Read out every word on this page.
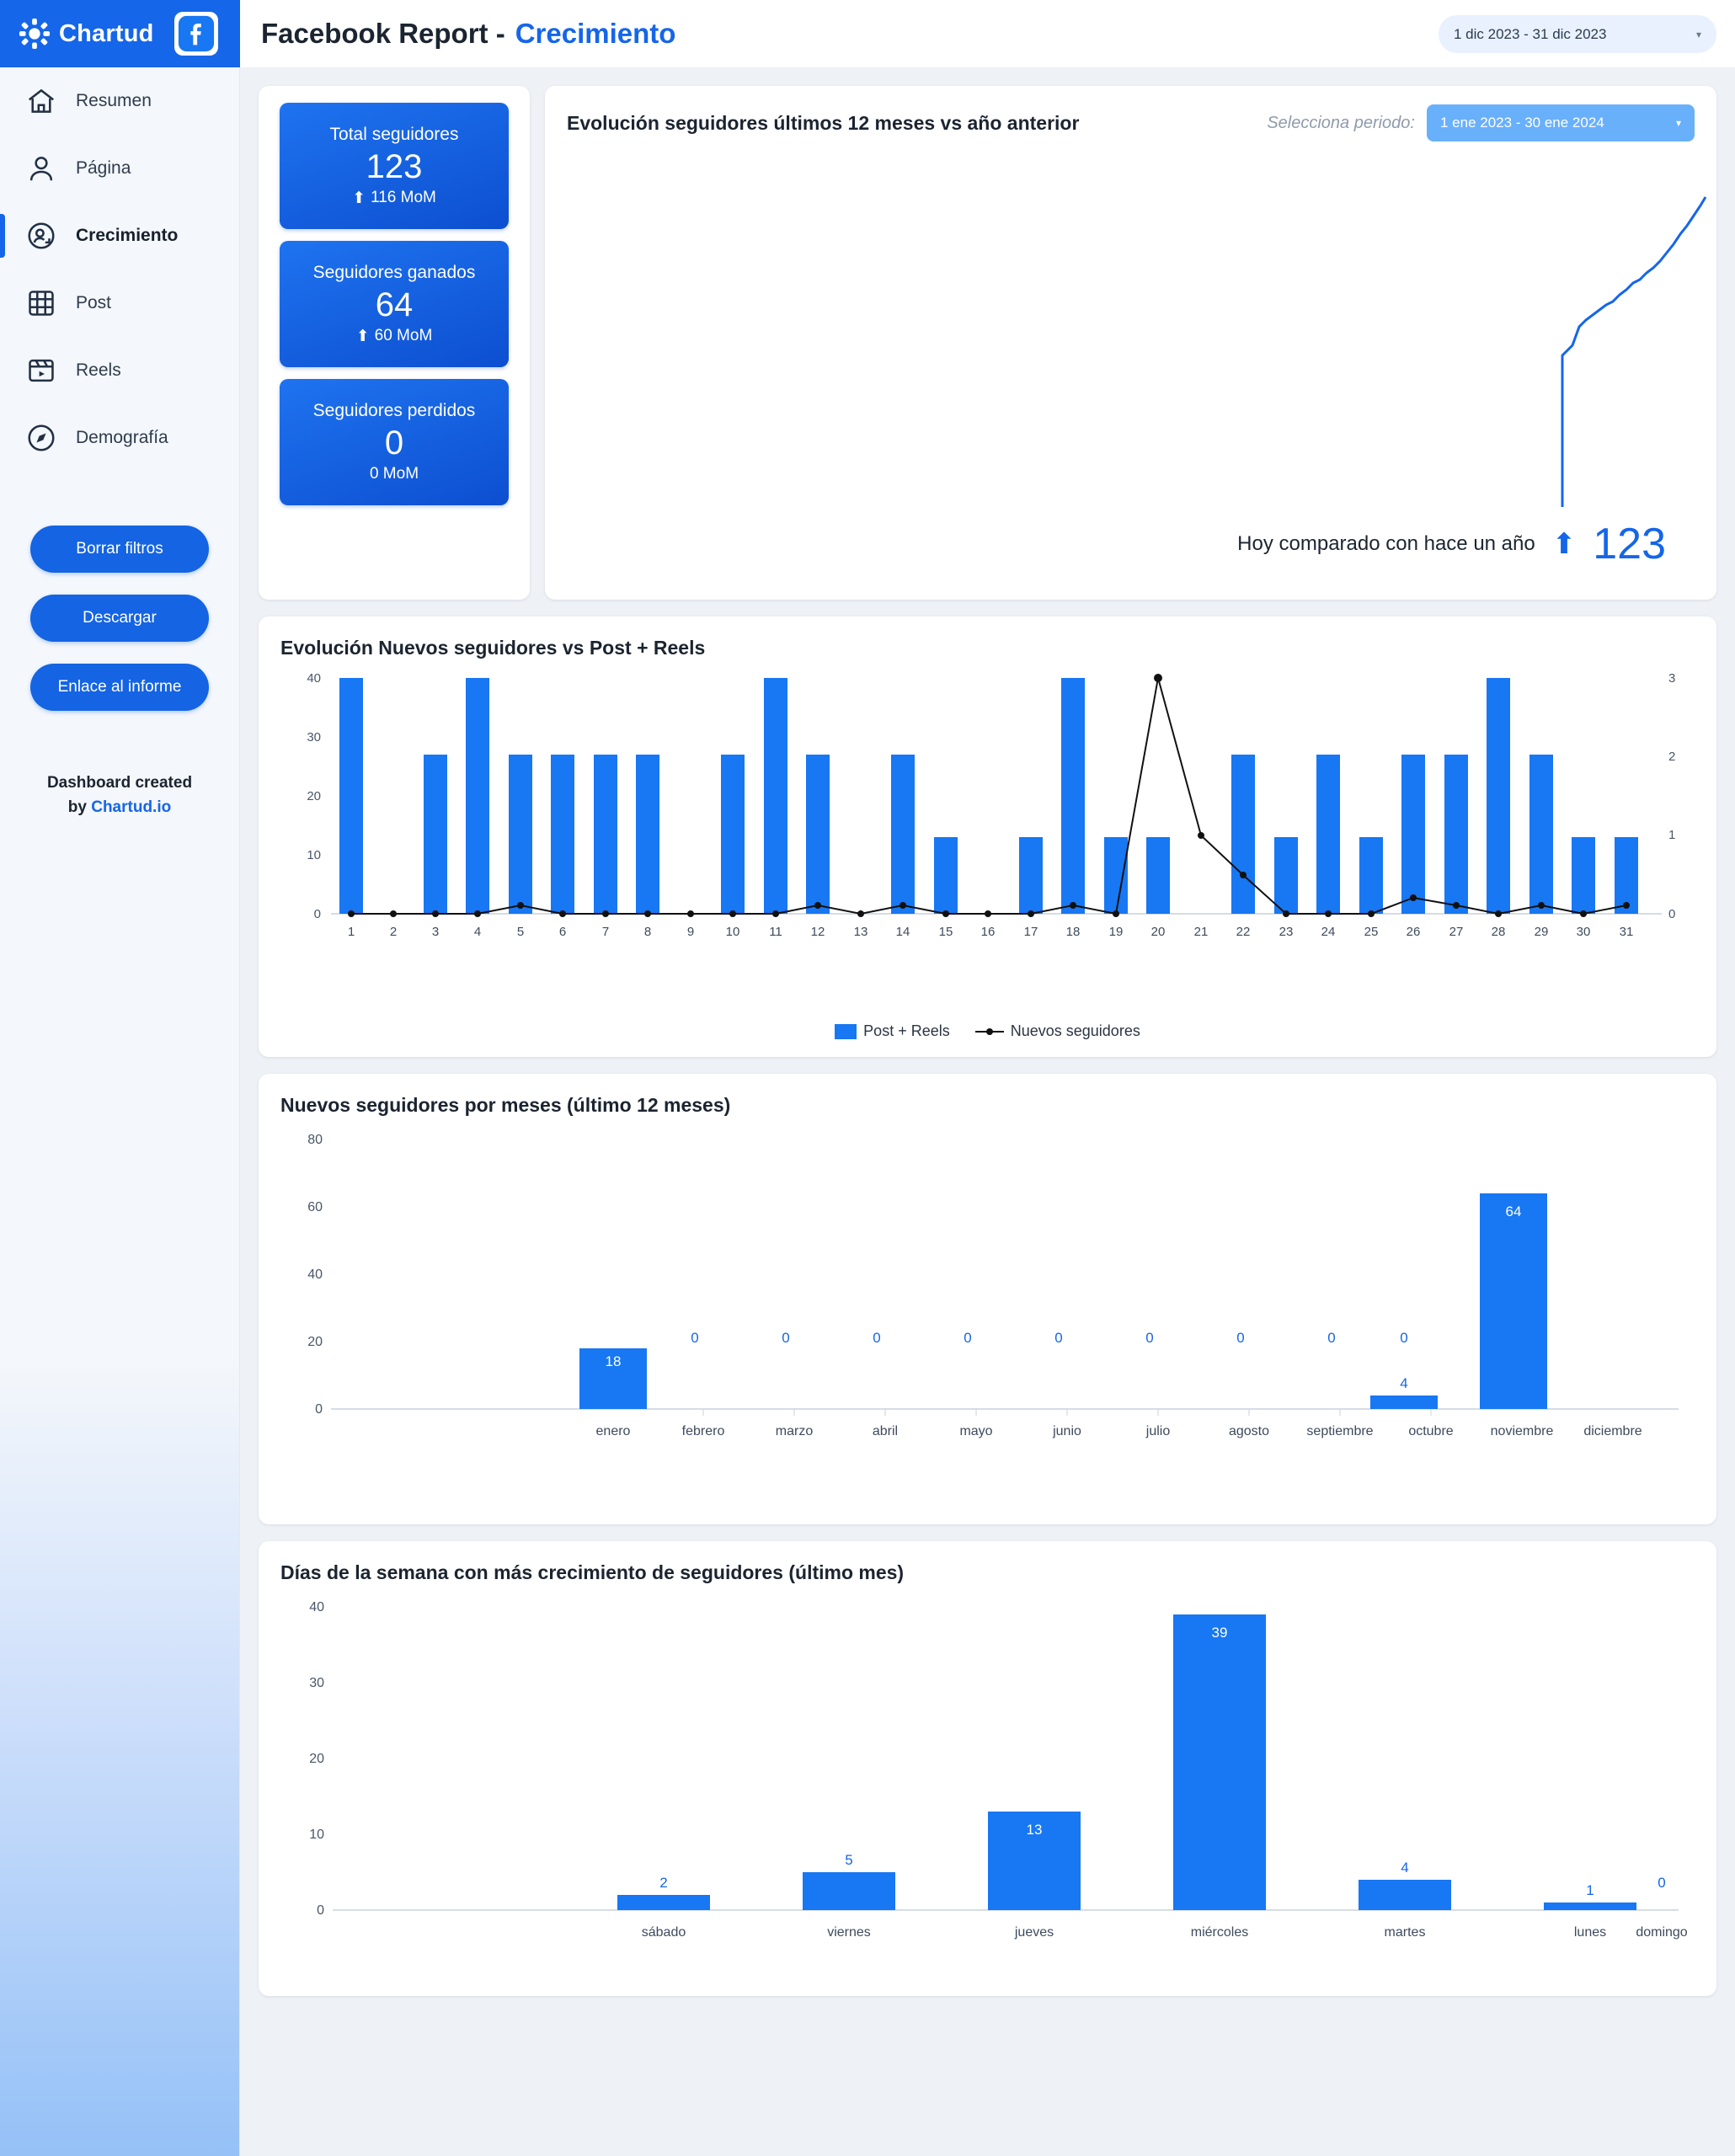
Chartud	Facebook Report - Crecimiento	1 dic 2023 - 31 dic 2023	▾
Resumen
Página
Crecimiento
Post
Reels
Demografía
Borrar filtros
Descargar
Enlace al informe
Dashboard created
by Chartud.io
Total seguidores
123
⬆ 116 MoM
Seguidores ganados
64
⬆ 60 MoM
Seguidores perdidos
0
0 MoM
Evolución seguidores últimos 12 meses vs año anterior	Selecciona periodo: 1 ene 2023 - 30 ene 2024	▾
Hoy comparado con hace un año ⬆ 123
Evolución Nuevos seguidores vs Post + Reels
40
30
20
10
0
3
2
1
0
1	2	3	4	5	6	7	8	9 10 11 12 13 14 15 16 17 18 19 20 21 22 23 24 25 26 27 28 29 30 31
Post + Reels	Nuevos seguidores
Nuevos seguidores por meses (último 12 meses)
80
60
40
20
0
0	0	0	0	0	0	0	0	0
18
4
64
enero	febrero	marzo	abril	mayo	junio	julio	agosto	septiembre	octubre	noviembre diciembre
Días de la semana con más crecimiento de seguidores (último mes)
40
30
20
10
0
2
5
13
39
4
1	0
sábado	viernes	jueves	miércoles	martes	lunes domingo
